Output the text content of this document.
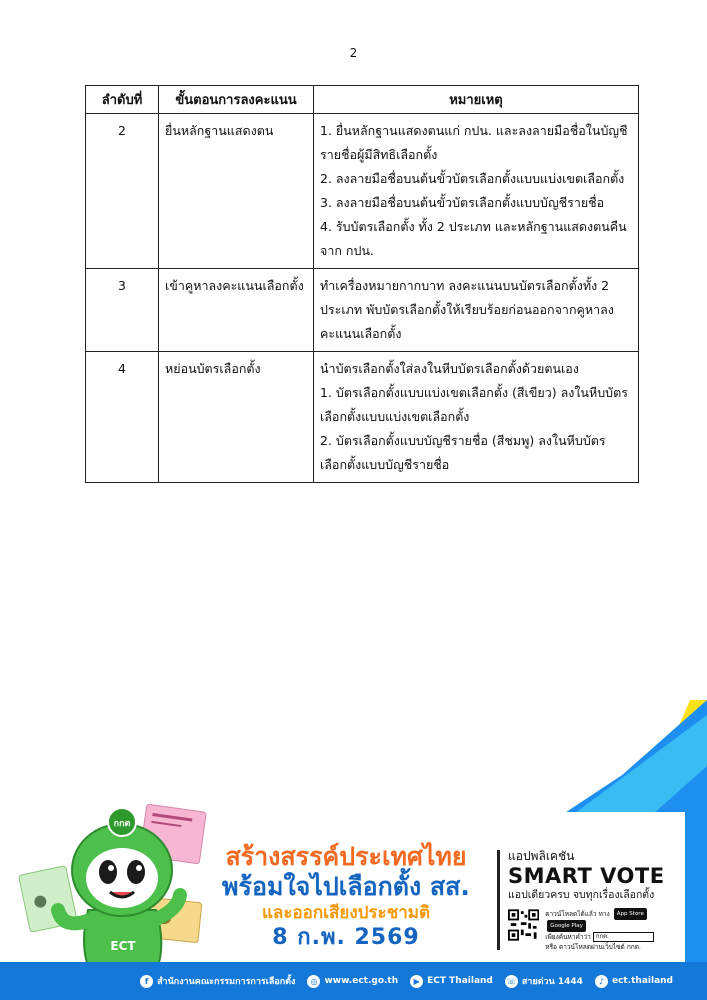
2
ลำดับที่	ขั้นตอนการลงคะแนน	หมายเหตุ
2	ยื่นหลักฐานแสดงตน	1. ยื่นหลักฐานแสดงตนแก่ กปน. และลงลายมือชื่อในบัญชีรายชื่อผู้มีสิทธิเลือกตั้ง
2. ลงลายมือชื่อบนต้นขั้วบัตรเลือกตั้งแบบแบ่งเขตเลือกตั้ง
3. ลงลายมือชื่อบนต้นขั้วบัตรเลือกตั้งแบบบัญชีรายชื่อ
4. รับบัตรเลือกตั้ง ทั้ง 2 ประเภท และหลักฐานแสดงตนคืนจาก กปน.

3	เข้าคูหาลงคะแนนเลือกตั้ง	ทำเครื่องหมายกากบาท ลงคะแนนบนบัตรเลือกตั้งทั้ง 2 ประเภท พับบัตรเลือกตั้งให้เรียบร้อยก่อนออกจากคูหาลงคะแนนเลือกตั้ง

4	หย่อนบัตรเลือกตั้ง	นำบัตรเลือกตั้งใส่ลงในหีบบัตรเลือกตั้งด้วยตนเอง
1. บัตรเลือกตั้งแบบแบ่งเขตเลือกตั้ง (สีเขียว) ลงในหีบบัตรเลือกตั้งแบบแบ่งเขตเลือกตั้ง
2. บัตรเลือกตั้งแบบบัญชีรายชื่อ (สีชมพู) ลงในหีบบัตรเลือกตั้งแบบบัญชีรายชื่อ
กกต
ECT
สร้างสรรค์ประเทศไทย
พร้อมใจไปเลือกตั้ง สส.
และออกเสียงประชามติ
8 ก.พ. 2569
แอปพลิเคชัน
SMART VOTE
แอปเดียวครบ จบทุกเรื่องเลือกตั้ง
ดาวน์โหลดได้แล้ว ทาง App Store Google Play
เพียงค้นหาคำว่า กกต.
หรือ ดาวน์โหลดผ่านเว็บไซต์ กกต.
f สำนักงานคณะกรรมการการเลือกตั้ง	◎ www.ect.go.th	▶ ECT Thailand ☏ สายด่วน 1444	♪ ect.thailand
